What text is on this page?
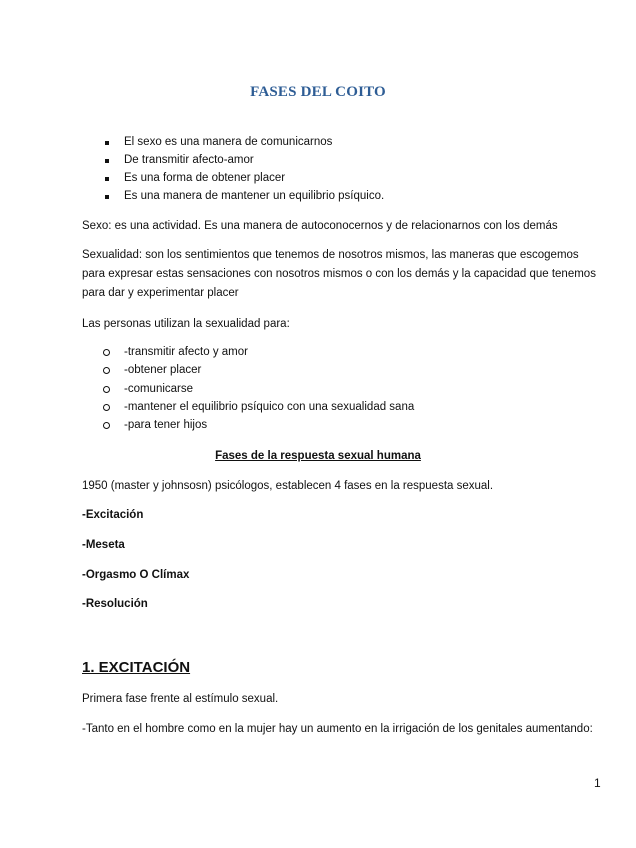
FASES DEL COITO
El sexo es una manera de comunicarnos
De transmitir afecto-amor
Es una forma de obtener placer
Es una manera de mantener un equilibrio psíquico.
Sexo: es una actividad. Es una manera de autoconocernos y de relacionarnos con los demás
Sexualidad: son los sentimientos que tenemos de nosotros mismos, las maneras que escogemos para expresar estas sensaciones con nosotros mismos o con los demás y la capacidad que tenemos para dar y experimentar placer
Las personas utilizan la sexualidad para:
-transmitir afecto y amor
-obtener placer
-comunicarse
-mantener el equilibrio psíquico con una sexualidad sana
-para tener hijos
Fases de la respuesta sexual humana
1950 (master y johnsosn) psicólogos, establecen 4 fases en la respuesta sexual.
-Excitación
-Meseta
-Orgasmo O Clímax
-Resolución
1. EXCITACIÓN
Primera fase frente al estímulo sexual.
-Tanto en el hombre como en la mujer hay un aumento en la irrigación de los genitales aumentando:
1
